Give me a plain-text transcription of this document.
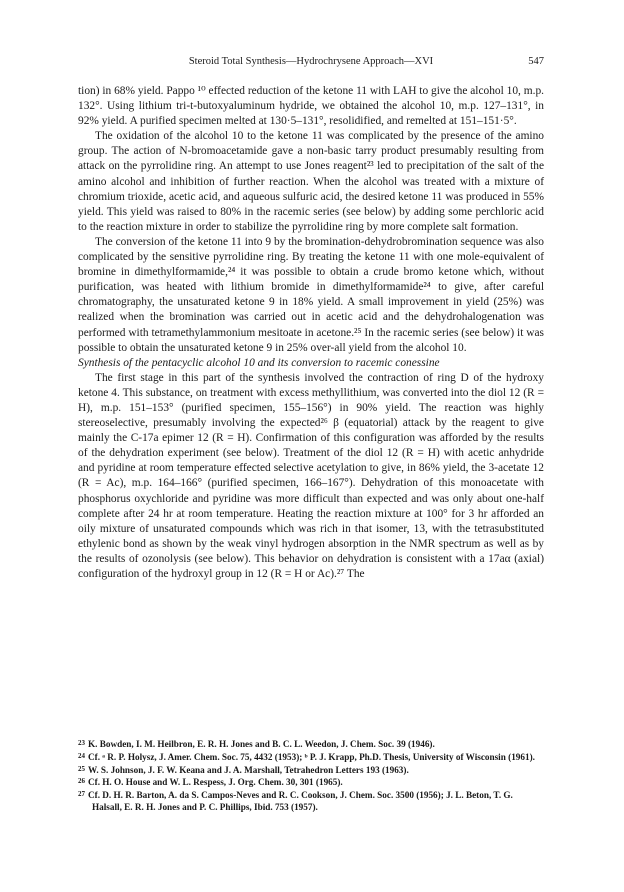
Steroid Total Synthesis—Hydrochrysene Approach—XVI	547

tion) in 68% yield. Pappo ¹⁰ effected reduction of the ketone 11 with LAH to give the alcohol 10, m.p. 132°. Using lithium tri-t-butoxyaluminum hydride, we obtained the alcohol 10, m.p. 127–131°, in 92% yield. A purified specimen melted at 130·5–131°, resolidified, and remelted at 151–151·5°.

The oxidation of the alcohol 10 to the ketone 11 was complicated by the presence of the amino group. The action of N-bromoacetamide gave a non-basic tarry product presumably resulting from attack on the pyrrolidine ring. An attempt to use Jones reagent²³ led to precipitation of the salt of the amino alcohol and inhibition of further reaction. When the alcohol was treated with a mixture of chromium trioxide, acetic acid, and aqueous sulfuric acid, the desired ketone 11 was produced in 55% yield. This yield was raised to 80% in the racemic series (see below) by adding some perchloric acid to the reaction mixture in order to stabilize the pyrrolidine ring by more complete salt formation.

The conversion of the ketone 11 into 9 by the bromination-dehydrobromination sequence was also complicated by the sensitive pyrrolidine ring. By treating the ketone 11 with one mole-equivalent of bromine in dimethylformamide,²⁴ it was possible to obtain a crude bromo ketone which, without purification, was heated with lithium bromide in dimethylformamide²⁴ to give, after careful chromatography, the unsaturated ketone 9 in 18% yield. A small improvement in yield (25%) was realized when the bromination was carried out in acetic acid and the dehydrohalogenation was performed with tetramethylammonium mesitoate in acetone.²⁵ In the racemic series (see below) it was possible to obtain the unsaturated ketone 9 in 25% over-all yield from the alcohol 10.

Synthesis of the pentacyclic alcohol 10 and its conversion to racemic conessine

The first stage in this part of the synthesis involved the contraction of ring D of the hydroxy ketone 4. This substance, on treatment with excess methyllithium, was converted into the diol 12 (R = H), m.p. 151–153° (purified specimen, 155–156°) in 90% yield. The reaction was highly stereoselective, presumably involving the expected²⁶ β (equatorial) attack by the reagent to give mainly the C-17a epimer 12 (R = H). Confirmation of this configuration was afforded by the results of the dehydration experiment (see below). Treatment of the diol 12 (R = H) with acetic anhydride and pyridine at room temperature effected selective acetylation to give, in 86% yield, the 3-acetate 12 (R = Ac), m.p. 164–166° (purified specimen, 166–167°). Dehydration of this monoacetate with phosphorus oxychloride and pyridine was more difficult than expected and was only about one-half complete after 24 hr at room temperature. Heating the reaction mixture at 100° for 3 hr afforded an oily mixture of unsaturated compounds which was rich in that isomer, 13, with the tetrasubstituted ethylenic bond as shown by the weak vinyl hydrogen absorption in the NMR spectrum as well as by the results of ozonolysis (see below). This behavior on dehydration is consistent with a 17aα (axial) configuration of the hydroxyl group in 12 (R = H or Ac).²⁷ The

$^{23}$ K. Bowden, I. M. Heilbron, E. R. H. Jones and B. C. L. Weedon, J. Chem. Soc. 39 (1946).

$^{24}$ Cf. ᵃ R. P. Holysz, J. Amer. Chem. Soc. 75, 4432 (1953); ᵇ P. J. Krapp, Ph.D. Thesis, University of Wisconsin (1961).

$^{25}$ W. S. Johnson, J. F. W. Keana and J. A. Marshall, Tetrahedron Letters 193 (1963).

$^{26}$ Cf. H. O. House and W. L. Respess, J. Org. Chem. 30, 301 (1965).

$^{27}$ Cf. D. H. R. Barton, A. da S. Campos-Neves and R. C. Cookson, J. Chem. Soc. 3500 (1956); J. L. Beton, T. G. Halsall, E. R. H. Jones and P. C. Phillips, Ibid. 753 (1957).
